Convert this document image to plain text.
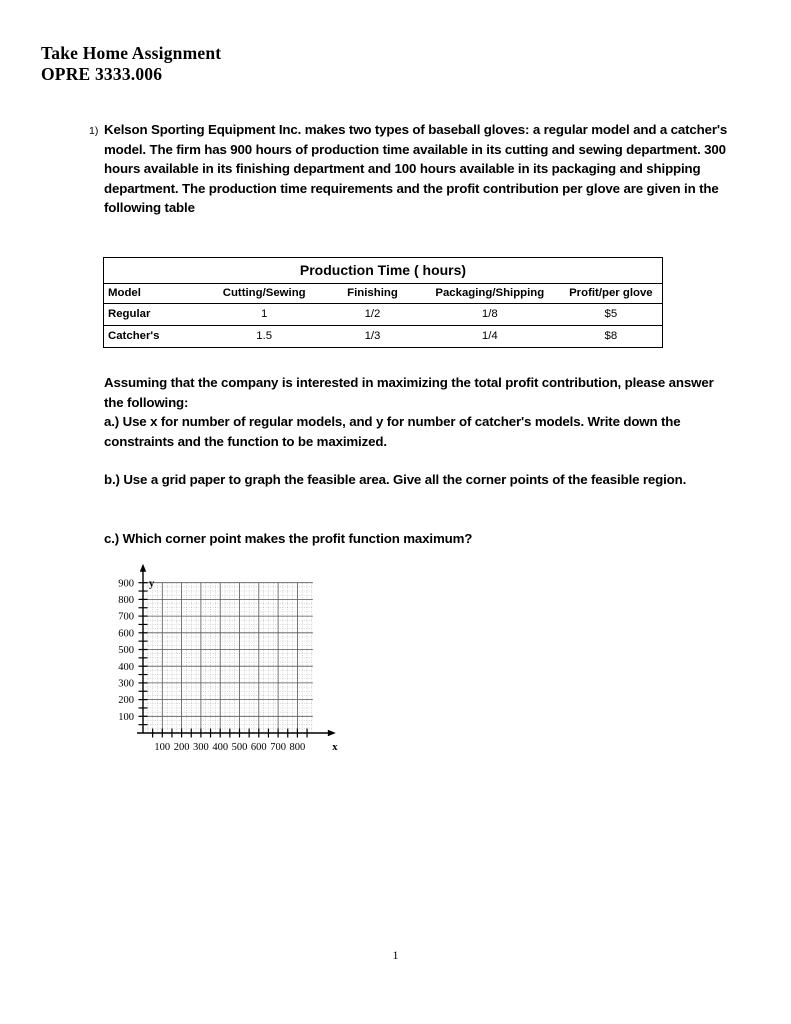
Take Home Assignment
OPRE 3333.006
1) Kelson Sporting Equipment Inc. makes two types of baseball gloves: a regular model and a catcher's model. The firm has 900 hours of production time available in its cutting and sewing department. 300 hours available in its finishing department and 100 hours available in its packaging and shipping department. The production time requirements and the profit contribution per glove are given in the following table
Production Time ( hours)				
Model	Cutting/Sewing	Finishing	Packaging/Shipping	Profit/per glove
Regular	1	1/2	1/8	$5
Catcher's	1.5	1/3	1/4	$8
Assuming that the company is interested in maximizing the total profit contribution, please answer the following:
a.) Use x for number of regular models, and y for number of catcher's models. Write down the constraints and the function to be maximized.
b.) Use a grid paper to graph the feasible area. Give all the corner points of the feasible region.
c.) Which corner point makes the profit function maximum?
100 200 300 400 500 600 700 800
100
200
300
400
500
600
700
800
900
x
y
1
